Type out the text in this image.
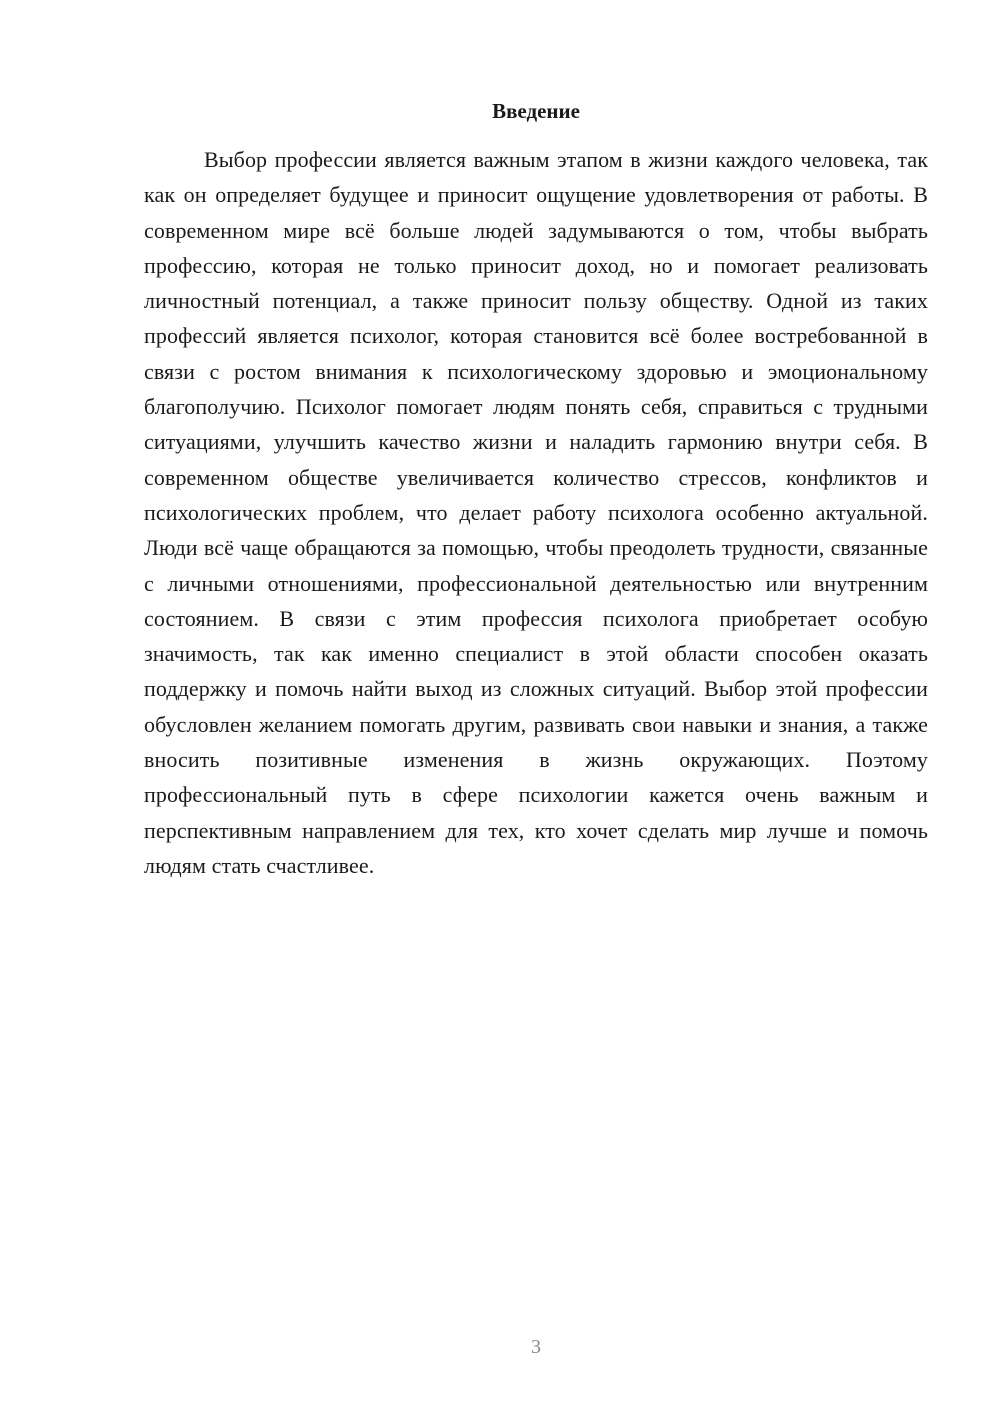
Введение

Выбор профессии является важным этапом в жизни каждого человека, так как он определяет будущее и приносит ощущение удовлетворения от работы. В современном мире всё больше людей задумываются о том, чтобы выбрать профессию, которая не только приносит доход, но и помогает реализовать личностный потенциал, а также приносит пользу обществу. Одной из таких профессий является психолог, которая становится всё более востребованной в связи с ростом внимания к психологическому здоровью и эмоциональному благополучию. Психолог помогает людям понять себя, справиться с трудными ситуациями, улучшить качество жизни и наладить гармонию внутри себя. В современном обществе увеличивается количество стрессов, конфликтов и психологических проблем, что делает работу психолога особенно актуальной. Люди всё чаще обращаются за помощью, чтобы преодолеть трудности, связанные с личными отношениями, профессиональной деятельностью или внутренним состоянием. В связи с этим профессия психолога приобретает особую значимость, так как именно специалист в этой области способен оказать поддержку и помочь найти выход из сложных ситуаций. Выбор этой профессии обусловлен желанием помогать другим, развивать свои навыки и знания, а также вносить позитивные изменения в жизнь окружающих. Поэтому профессиональный путь в сфере психологии кажется очень важным и перспективным направлением для тех, кто хочет сделать мир лучше и помочь людям стать счастливее.

3
